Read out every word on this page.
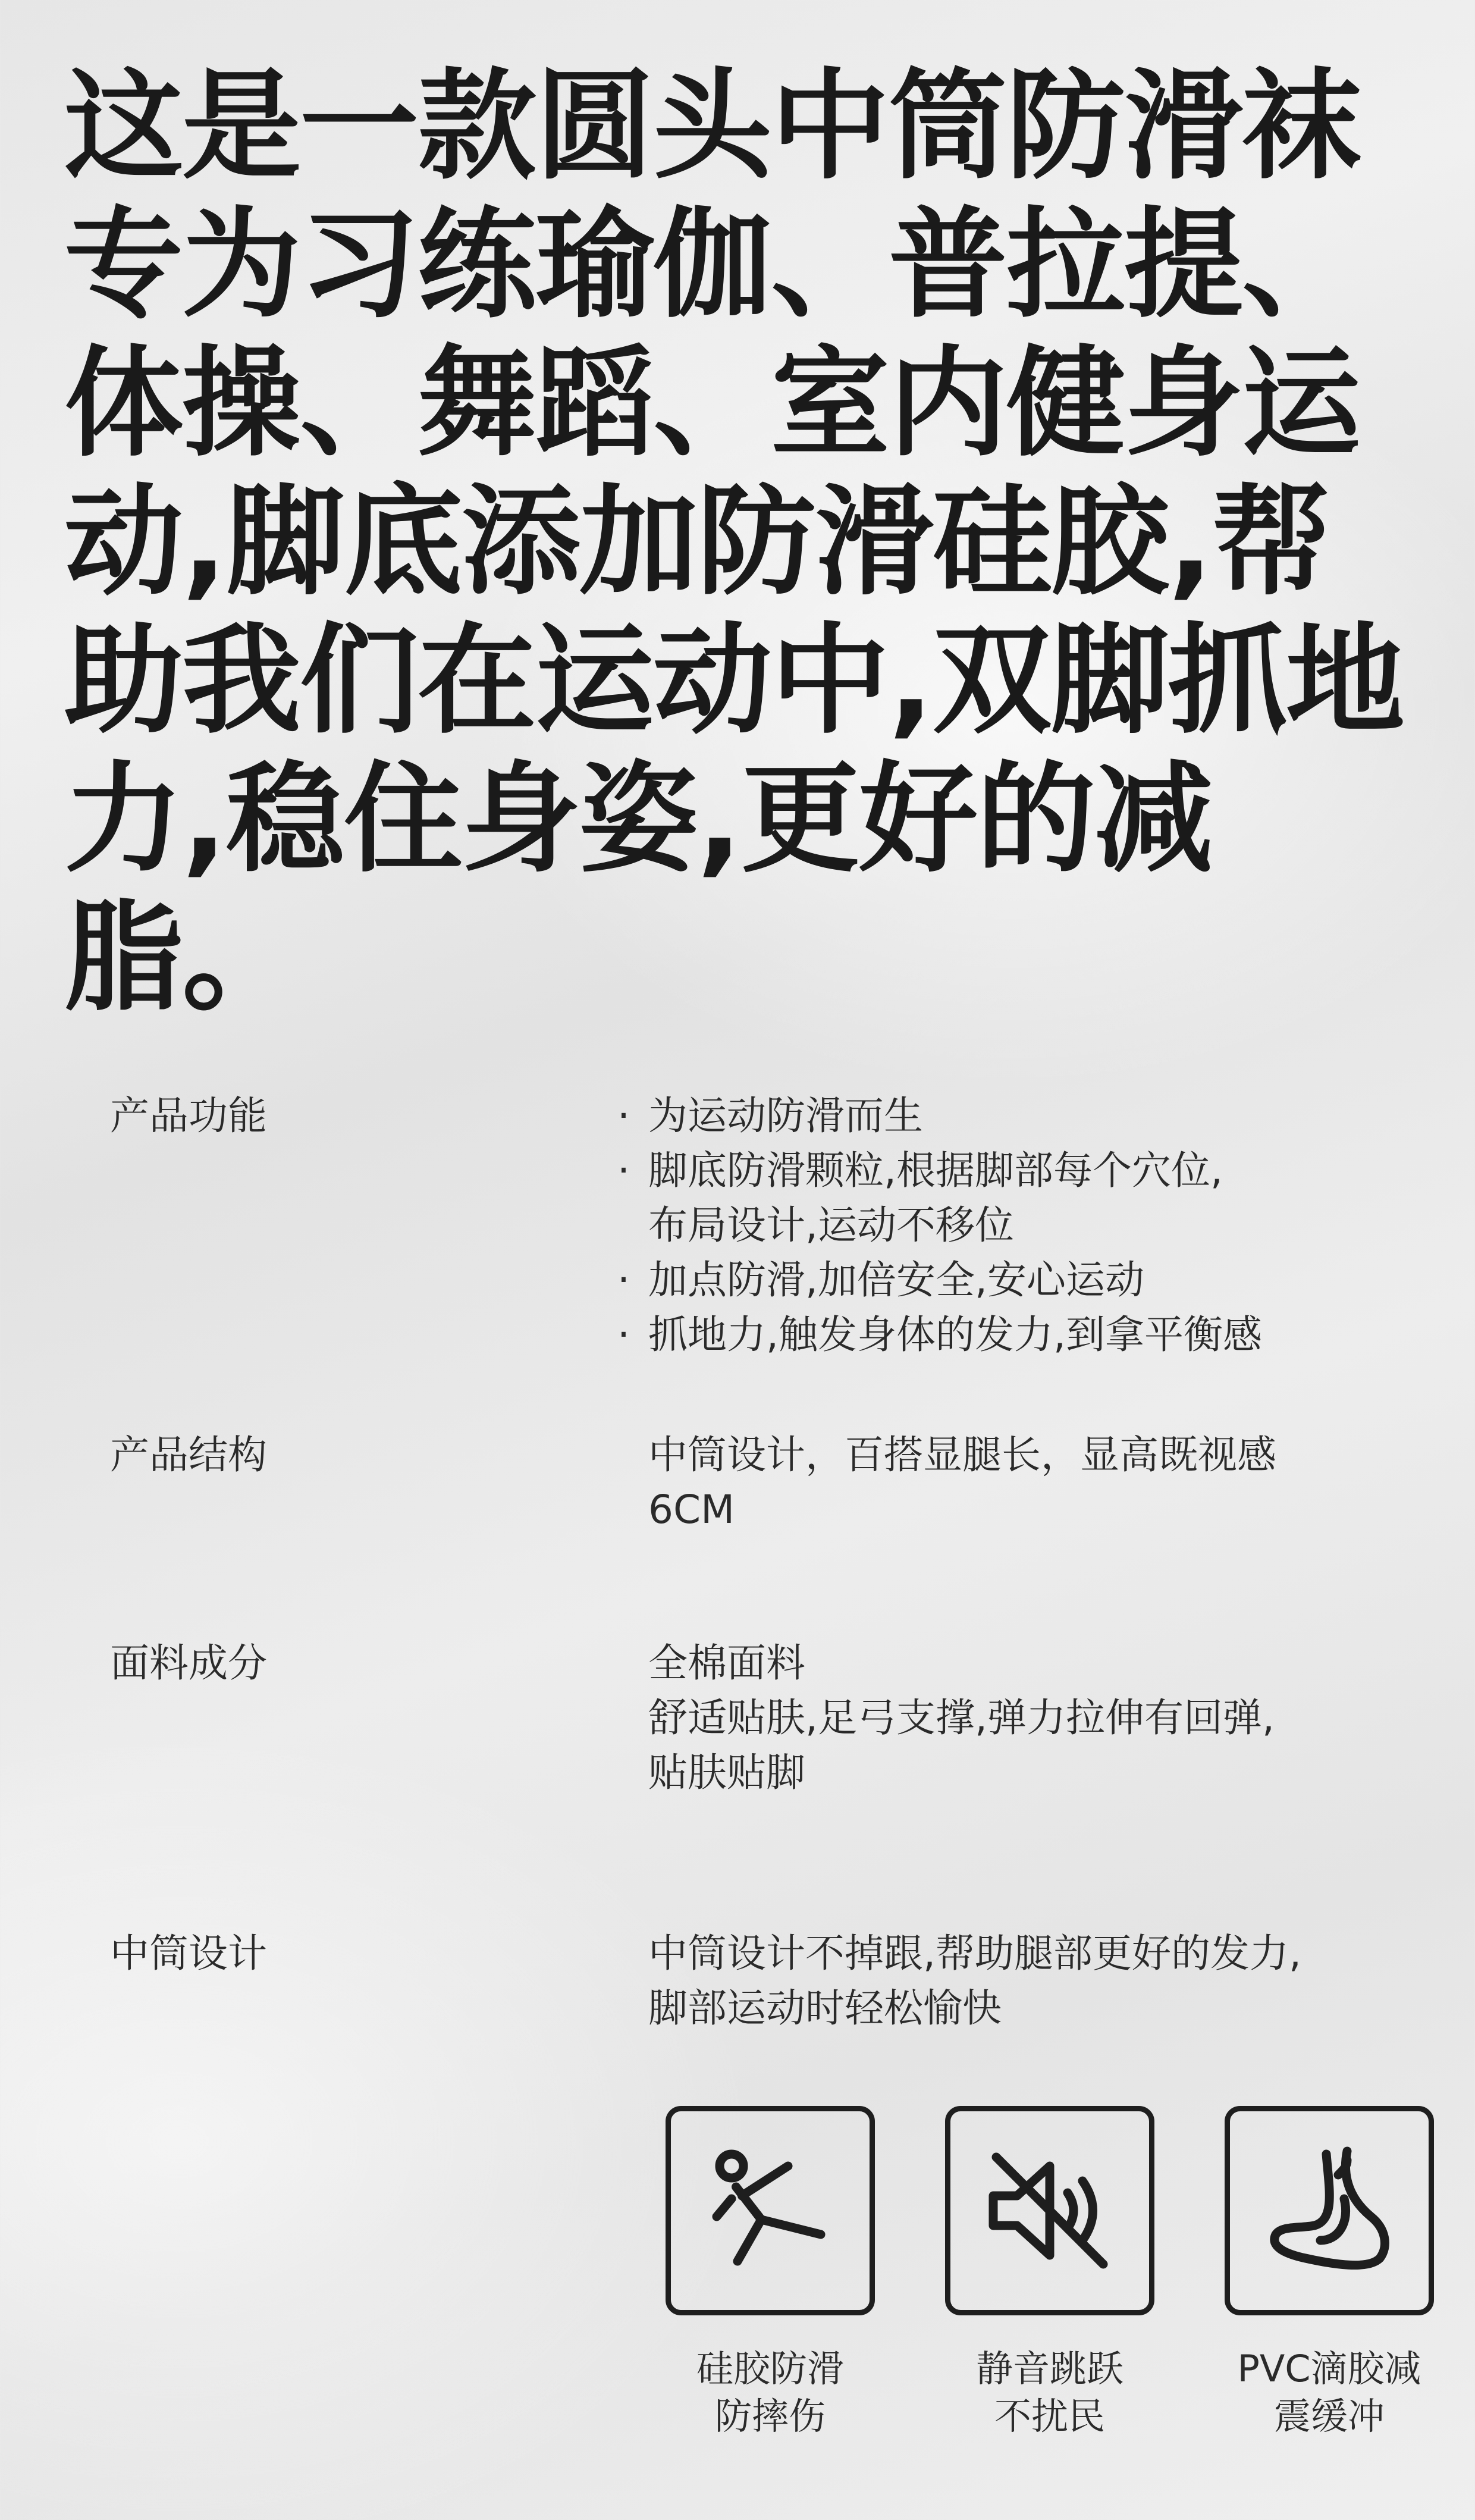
这是一款圆头中筒防滑袜专为习练瑜伽、普拉提、体操、舞蹈、室内健身运动,脚底添加防滑硅胶,帮助我们在运动中,双脚抓地力,稳住身姿,更好的减脂。

产品功能	· 为运动防滑而生
· 脚底防滑颗粒,根据脚部每个穴位,
布局设计,运动不移位
· 加点防滑,加倍安全,安心运动
· 抓地力,触发身体的发力,到拿平衡感
产品结构	中筒设计，百搭显腿长，显高既视感
6CM
面料成分	全棉面料
舒适贴肤,足弓支撑,弹力拉伸有回弹,
贴肤贴脚
中筒设计	中筒设计不掉跟,帮助腿部更好的发力,
脚部运动时轻松愉快
硅胶防滑
防摔伤
静音跳跃
不扰民
PVC滴胶减
震缓冲
